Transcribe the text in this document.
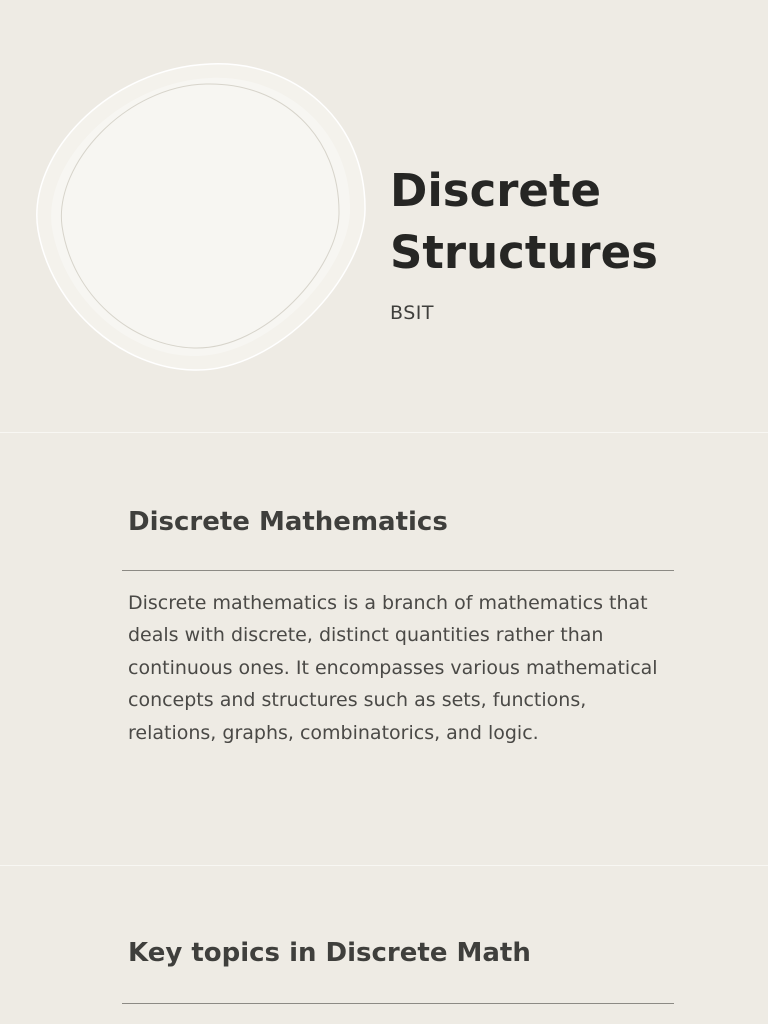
Discrete
Structures
BSIT
Discrete Mathematics

Discrete mathematics is a branch of mathematics that deals with discrete, distinct quantities rather than continuous ones. It encompasses various mathematical concepts and structures such as sets, functions, relations, graphs, combinatorics, and logic.

Key topics in Discrete Math
